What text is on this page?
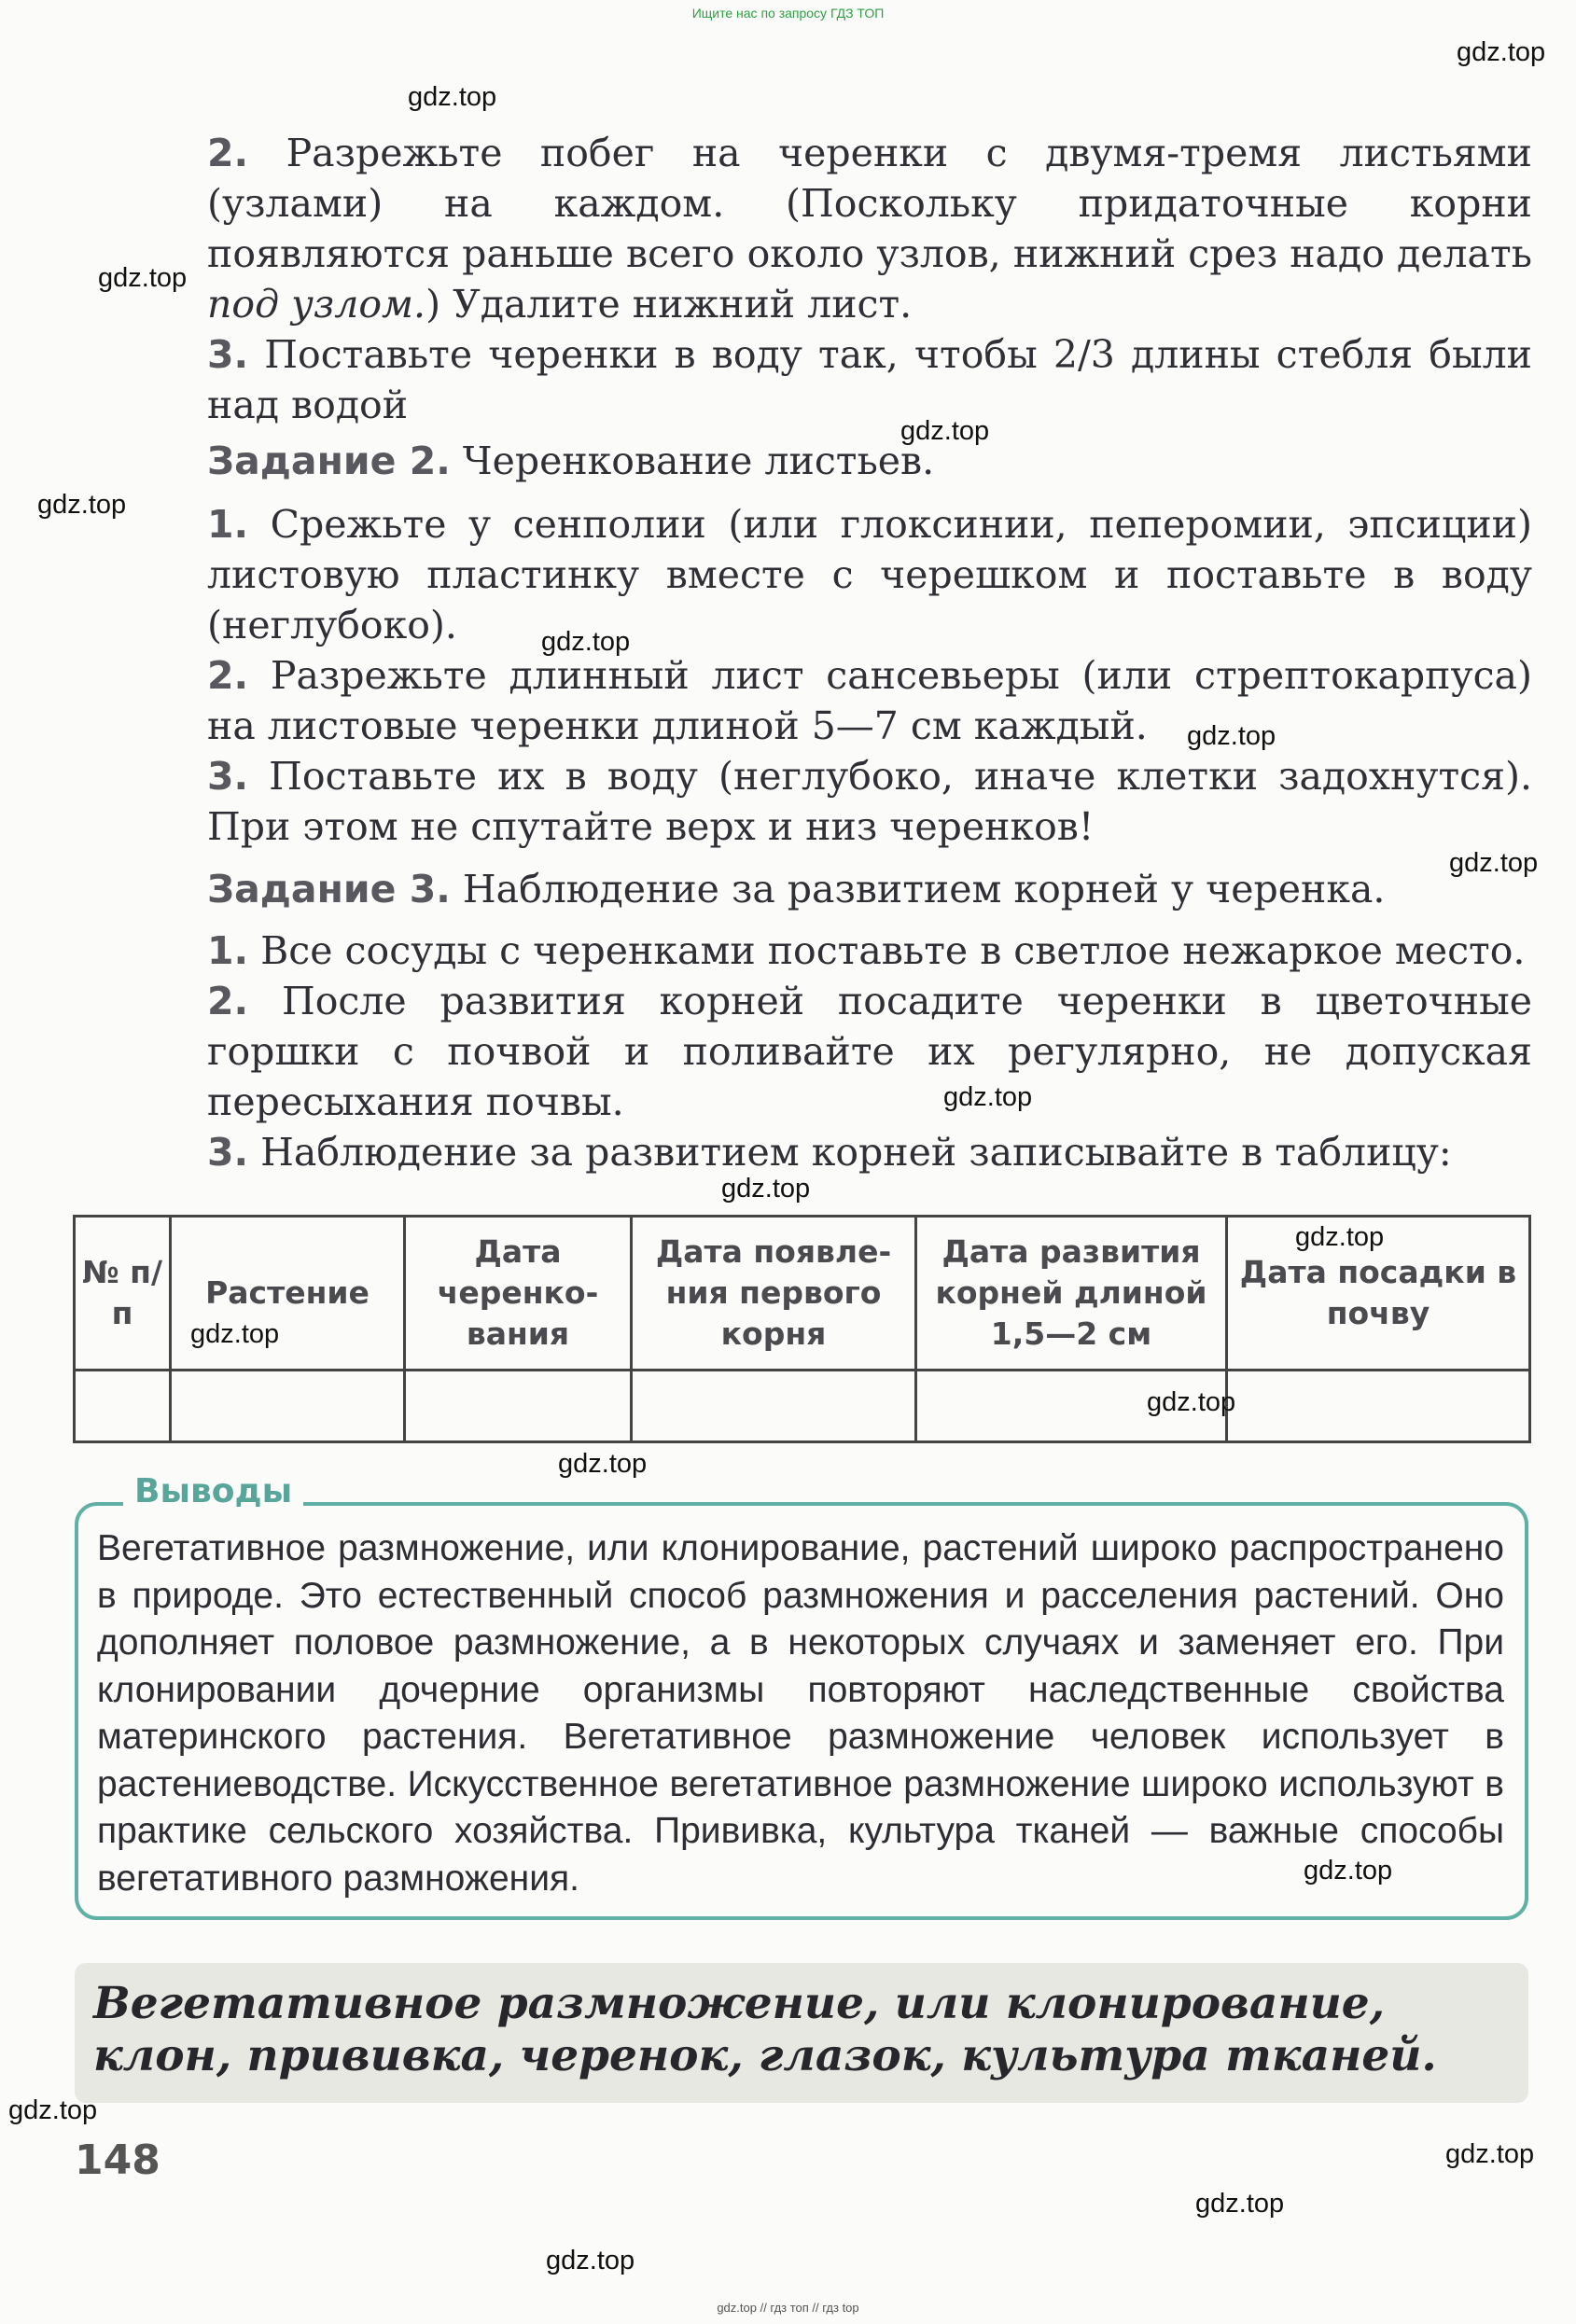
Ищите нас по запросу ГДЗ ТОП
2. Разрежьте побег на черенки с двумя-тремя листьями (узлами) на каждом. (Поскольку придаточные корни появляются раньше всего около узлов, нижний срез надо делать под узлом.) Удалите нижний лист.
3. Поставьте черенки в воду так, чтобы 2/3 длины стебля были над водой
Задание 2. Черенкование листьев.
1. Срежьте у сенполии (или глоксинии, пеперомии, эпсиции) листовую пластинку вместе с черешком и поставьте в воду (неглубоко).
2. Разрежьте длинный лист сансевьеры (или стрептокарпуса) на листовые черенки длиной 5—7 см каждый.
3. Поставьте их в воду (неглубоко, иначе клетки задохнутся). При этом не спутайте верх и низ черенков!
Задание 3. Наблюдение за развитием корней у черенка.
1. Все сосуды с черенками поставьте в светлое нежаркое место.
2. После развития корней посадите черенки в цветочные горшки с почвой и поливайте их регулярно, не допуская пересыхания почвы.
3. Наблюдение за развитием корней записывайте в таблицу:
№ п/п	Растение	Дата черенко-вания	Дата появле-ния первого корня	Дата развития корней длиной 1,5—2 см	Дата посадки в почву

Выводы
Вегетативное размножение, или клонирование, растений широко распространено в природе. Это естественный способ размножения и расселения растений. Оно дополняет половое размножение, а в некоторых случаях и заменяет его. При клонировании дочерние организмы повторяют наследственные свойства материнского растения. Вегетативное размножение человек использует в растениеводстве. Искусственное вегетативное размножение широко используют в практике сельского хозяйства. Прививка, культура тканей — важные способы вегетативного размножения.
Вегетативное размножение, или клонирование, клон, прививка, черенок, глазок, культура тканей.
148
gdz.top
gdz.top
gdz.top
gdz.top
gdz.top
gdz.top
gdz.top
gdz.top
gdz.top
gdz.top
gdz.top
gdz.top
gdz.top
gdz.top
gdz.top
gdz.top
gdz.top
gdz.top
gdz.top
gdz.top // гдз топ // гдз top
